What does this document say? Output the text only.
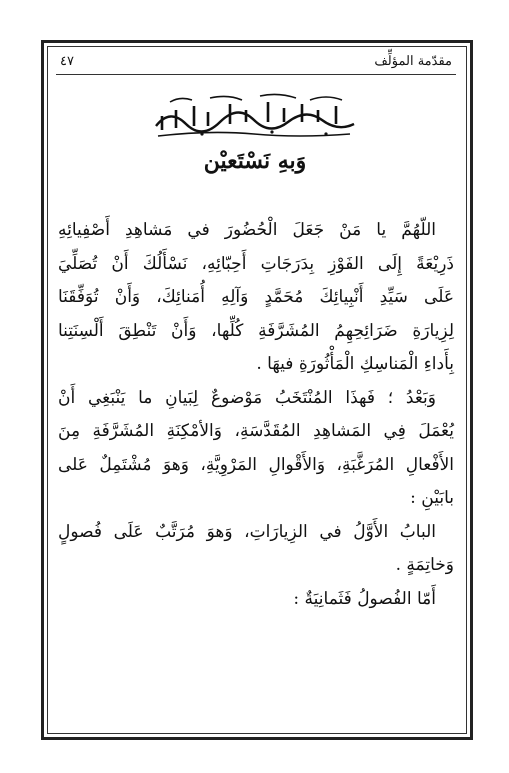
مقدّمة المؤلِّف
٤٧
وَبهِ نَسْتَعيْن

اللّهُمَّ يا مَنْ جَعَلَ الْحُضُورَ في مَشاهِدِ أَصْفِيائِهِ

ذَرِيْعَةً إِلَى الفَوْزِ بِدَرَجَاتِ أَحِبّائِهِ، نَسْأَلُكَ أَنْ تُصَلِّيَ

عَلَى سَيِّدِ أَنْبِيائِكَ مُحَمَّدٍ وَآلِهِ أُمَنائِكَ، وَأَنْ تُوَفِّقَنَا

لِزِيارَةِ ضَرَائِحِهِمُ المُشَرَّفَةِ كُلِّها، وَأَنْ تَنْطِقَ أَلْسِنَتِنا

بِأَداءِ الْمَناسِكِ الْمَأْثُورَةِ فيهَا .

وَبَعْدُ ؛ فَهذَا المُنْتَخَبُ مَوْضوعٌ لِبَيانِ ما يَنْبَغِي أَنْ

يُعْمَلَ فِي المَشاهِدِ المُقَدَّسَةِ، وَالأمْكِنَةِ المُشَرَّفَةِ مِنَ

الأَفْعالِ المُرَغَّبَةِ، وَالأَقْوالِ المَرْوِيَّةِ، وَهوَ مُشْتَمِلٌ عَلى

بابَيْنِ :

البابُ الأَوَّلُ في الزِيارَاتِ، وَهوَ مُرَتَّبٌ عَلَى فُصولٍ

وَخاتِمَةٍ .

أَمّا الفُصولُ فَثَمانِيَةٌ :
